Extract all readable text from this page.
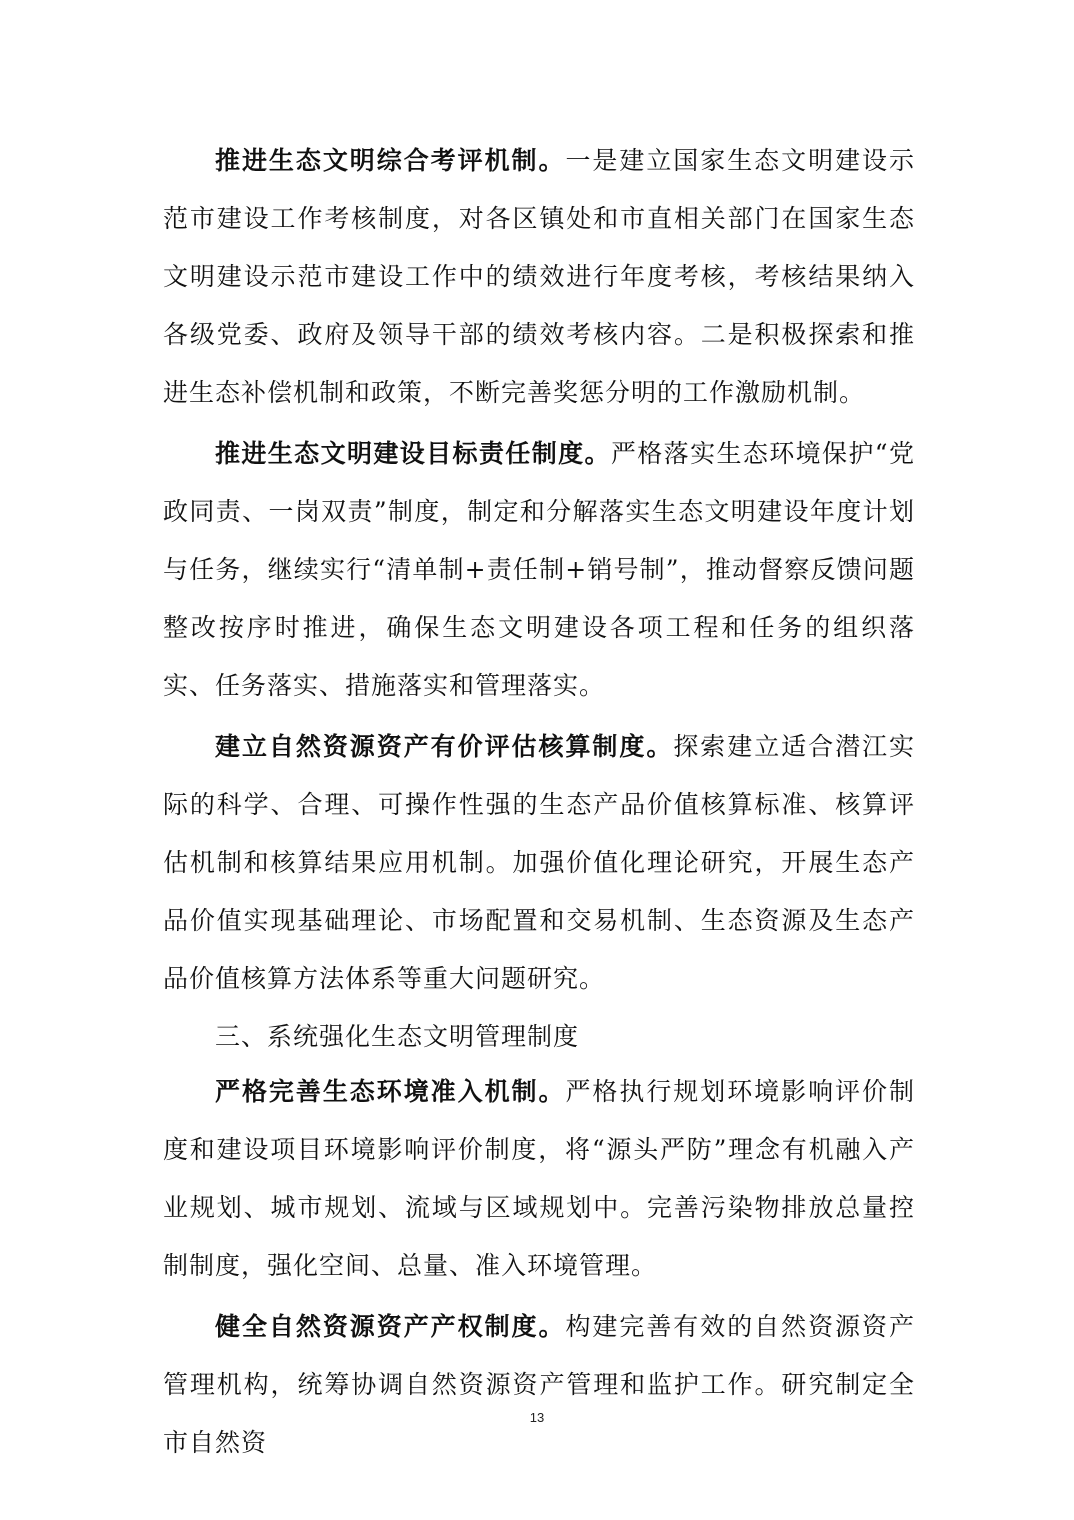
推进生态文明综合考评机制。一是建立国家生态文明建设示范市建设工作考核制度，对各区镇处和市直相关部门在国家生态文明建设示范市建设工作中的绩效进行年度考核，考核结果纳入各级党委、政府及领导干部的绩效考核内容。二是积极探索和推进生态补偿机制和政策，不断完善奖惩分明的工作激励机制。

推进生态文明建设目标责任制度。严格落实生态环境保护“党政同责、一岗双责”制度，制定和分解落实生态文明建设年度计划与任务，继续实行“清单制+责任制+销号制”，推动督察反馈问题整改按序时推进，确保生态文明建设各项工程和任务的组织落实、任务落实、措施落实和管理落实。

建立自然资源资产有价评估核算制度。探索建立适合潜江实际的科学、合理、可操作性强的生态产品价值核算标准、核算评估机制和核算结果应用机制。加强价值化理论研究，开展生态产品价值实现基础理论、市场配置和交易机制、生态资源及生态产品价值核算方法体系等重大问题研究。

三、系统强化生态文明管理制度

严格完善生态环境准入机制。严格执行规划环境影响评价制度和建设项目环境影响评价制度，将“源头严防”理念有机融入产业规划、城市规划、流域与区域规划中。完善污染物排放总量控制制度，强化空间、总量、准入环境管理。

健全自然资源资产产权制度。构建完善有效的自然资源资产管理机构，统筹协调自然资源资产管理和监护工作。研究制定全市自然资

13
